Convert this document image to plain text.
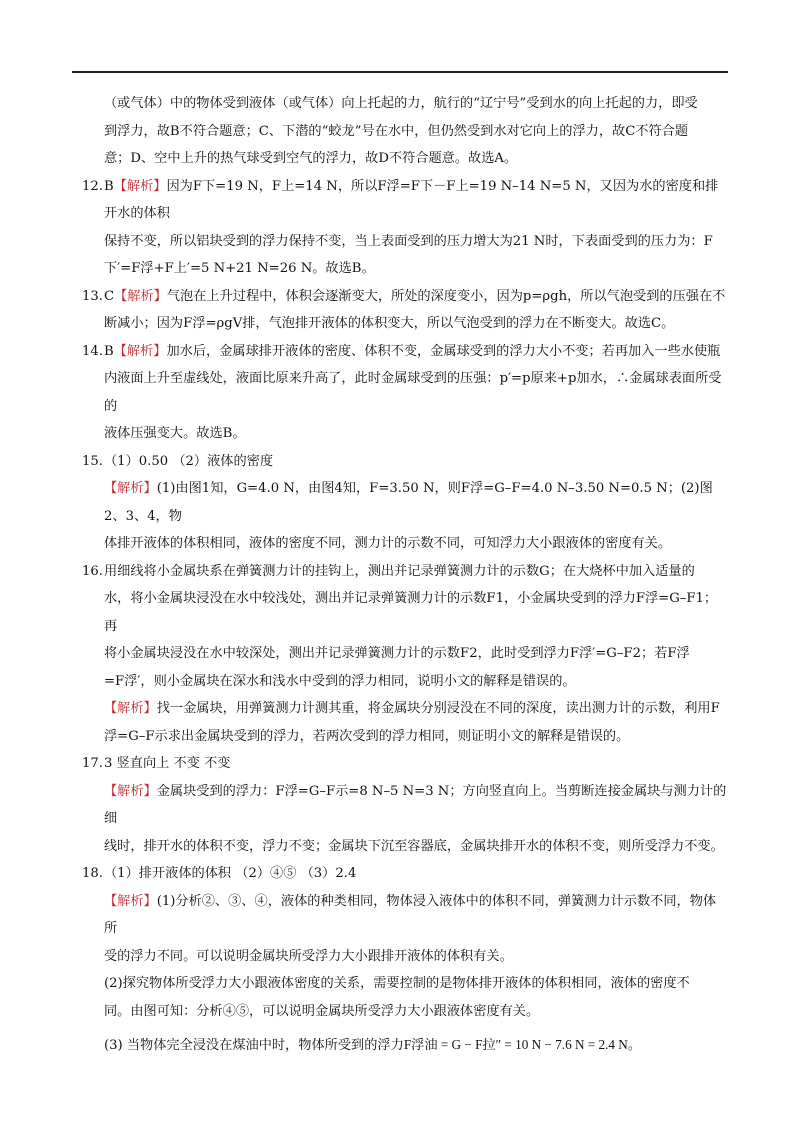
（或气体）中的物体受到液体（或气体）向上托起的力，航行的“辽宁号”受到水的向上托起的力，即受

到浮力，故B不符合题意；C、下潜的“蛟龙”号在水中，但仍然受到水对它向上的浮力，故C不符合题

意；D、空中上升的热气球受到空气的浮力，故D不符合题意。故选A。

12. B【解析】因为F下=19 N，F上=14 N，所以F浮=F下－F上=19 N–14 N=5 N，又因为水的密度和排开水的体积

保持不变，所以铝块受到的浮力保持不变，当上表面受到的压力增大为21 N时，下表面受到的压力为：F

下′=F浮+F上′=5 N+21 N=26 N。故选B。

13. C【解析】气泡在上升过程中，体积会逐渐变大，所处的深度变小，因为p=ρgh，所以气泡受到的压强在不

断减小；因为F浮=ρgV排，气泡排开液体的体积变大，所以气泡受到的浮力在不断变大。故选C。

14. B【解析】加水后，金属球排开液体的密度、体积不变，金属球受到的浮力大小不变；若再加入一些水使瓶

内液面上升至虚线处，液面比原来升高了，此时金属球受到的压强：p′=p原来+p加水，∴金属球表面所受的

液体压强变大。故选B。

15. （1）0.50 （2）液体的密度

【解析】(1)由图1知，G=4.0 N，由图4知，F=3.50 N，则F浮=G–F=4.0 N–3.50 N=0.5 N；(2)图2、3、4，物

体排开液体的体积相同，液体的密度不同，测力计的示数不同，可知浮力大小跟液体的密度有关。

16. 用细线将小金属块系在弹簧测力计的挂钩上，测出并记录弹簧测力计的示数G；在大烧杯中加入适量的

水，将小金属块浸没在水中较浅处，测出并记录弹簧测力计的示数F1，小金属块受到的浮力F浮=G–F1；再

将小金属块浸没在水中较深处，测出并记录弹簧测力计的示数F2，此时受到浮力F浮′=G–F2；若F浮

=F浮′，则小金属块在深水和浅水中受到的浮力相同，说明小文的解释是错误的。

【解析】找一金属块，用弹簧测力计测其重，将金属块分别浸没在不同的深度，读出测力计的示数，利用F

浮=G–F示求出金属块受到的浮力，若两次受到的浮力相同，则证明小文的解释是错误的。

17. 3 竖直向上 不变 不变

【解析】金属块受到的浮力：F浮=G–F示=8 N–5 N=3 N；方向竖直向上。当剪断连接金属块与测力计的细

线时，排开水的体积不变，浮力不变；金属块下沉至容器底，金属块排开水的体积不变，则所受浮力不变。

18. （1）排开液体的体积 （2）④⑤ （3）2.4

【解析】(1)分析②、③、④，液体的种类相同，物体浸入液体中的体积不同，弹簧测力计示数不同，物体所

受的浮力不同。可以说明金属块所受浮力大小跟排开液体的体积有关。

(2)探究物体所受浮力大小跟液体密度的关系，需要控制的是物体排开液体的体积相同，液体的密度不

同。由图可知：分析④⑤，可以说明金属块所受浮力大小跟液体密度有关。

(3) 当物体完全浸没在煤油中时，物体所受到的浮力F浮油 = G − F拉″ = 10 N − 7.6 N = 2.4 N。
